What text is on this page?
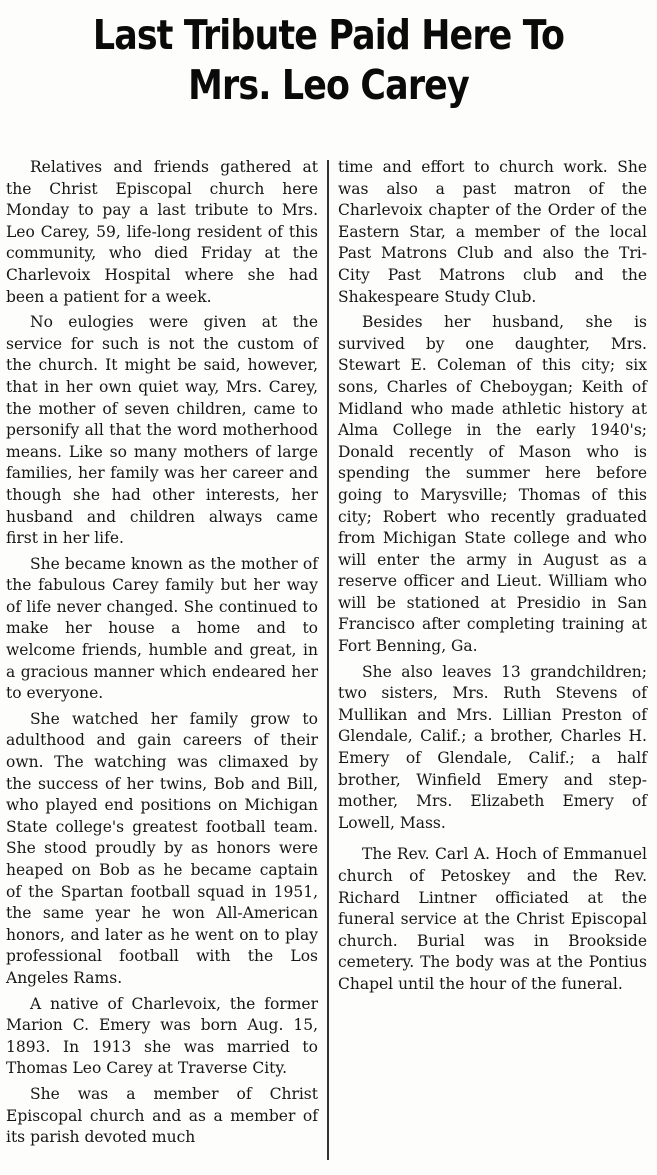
Last Tribute Paid Here To
Mrs. Leo Carey

Relatives and friends gathered at the Christ Episcopal church here Monday to pay a last tribute to Mrs. Leo Carey, 59, life-long resident of this community, who died Friday at the Charlevoix Hospital where she had been a patient for a week.

No eulogies were given at the service for such is not the custom of the church. It might be said, however, that in her own quiet way, Mrs. Carey, the mother of seven children, came to personify all that the word motherhood means. Like so many mothers of large families, her family was her career and though she had other interests, her husband and children always came first in her life.

She became known as the mother of the fabulous Carey family but her way of life never changed. She continued to make her house a home and to welcome friends, humble and great, in a gracious manner which endeared her to everyone.

She watched her family grow to adulthood and gain careers of their own. The watching was climaxed by the success of her twins, Bob and Bill, who played end positions on Michigan State college's greatest football team. She stood proudly by as honors were heaped on Bob as he became captain of the Spartan football squad in 1951, the same year he won All-American honors, and later as he went on to play professional football with the Los Angeles Rams.

A native of Charlevoix, the former Marion C. Emery was born Aug. 15, 1893. In 1913 she was married to Thomas Leo Carey at Traverse City.

She was a member of Christ Episcopal church and as a member of its parish devoted much

time and effort to church work. She was also a past matron of the Charlevoix chapter of the Order of the Eastern Star, a member of the local Past Matrons Club and also the Tri-City Past Matrons club and the Shakespeare Study Club.

Besides her husband, she is survived by one daughter, Mrs. Stewart E. Coleman of this city; six sons, Charles of Cheboygan; Keith of Midland who made athletic history at Alma College in the early 1940's; Donald recently of Mason who is spending the summer here before going to Marysville; Thomas of this city; Robert who recently graduated from Michigan State college and who will enter the army in August as a reserve officer and Lieut. William who will be stationed at Presidio in San Francisco after completing training at Fort Benning, Ga.

She also leaves 13 grandchildren; two sisters, Mrs. Ruth Stevens of Mullikan and Mrs. Lillian Preston of Glendale, Calif.; a brother, Charles H. Emery of Glendale, Calif.; a half brother, Winfield Emery and step-mother, Mrs. Elizabeth Emery of Lowell, Mass.

The Rev. Carl A. Hoch of Emmanuel church of Petoskey and the Rev. Richard Lintner officiated at the funeral service at the Christ Episcopal church. Burial was in Brookside cemetery. The body was at the Pontius Chapel until the hour of the funeral.
